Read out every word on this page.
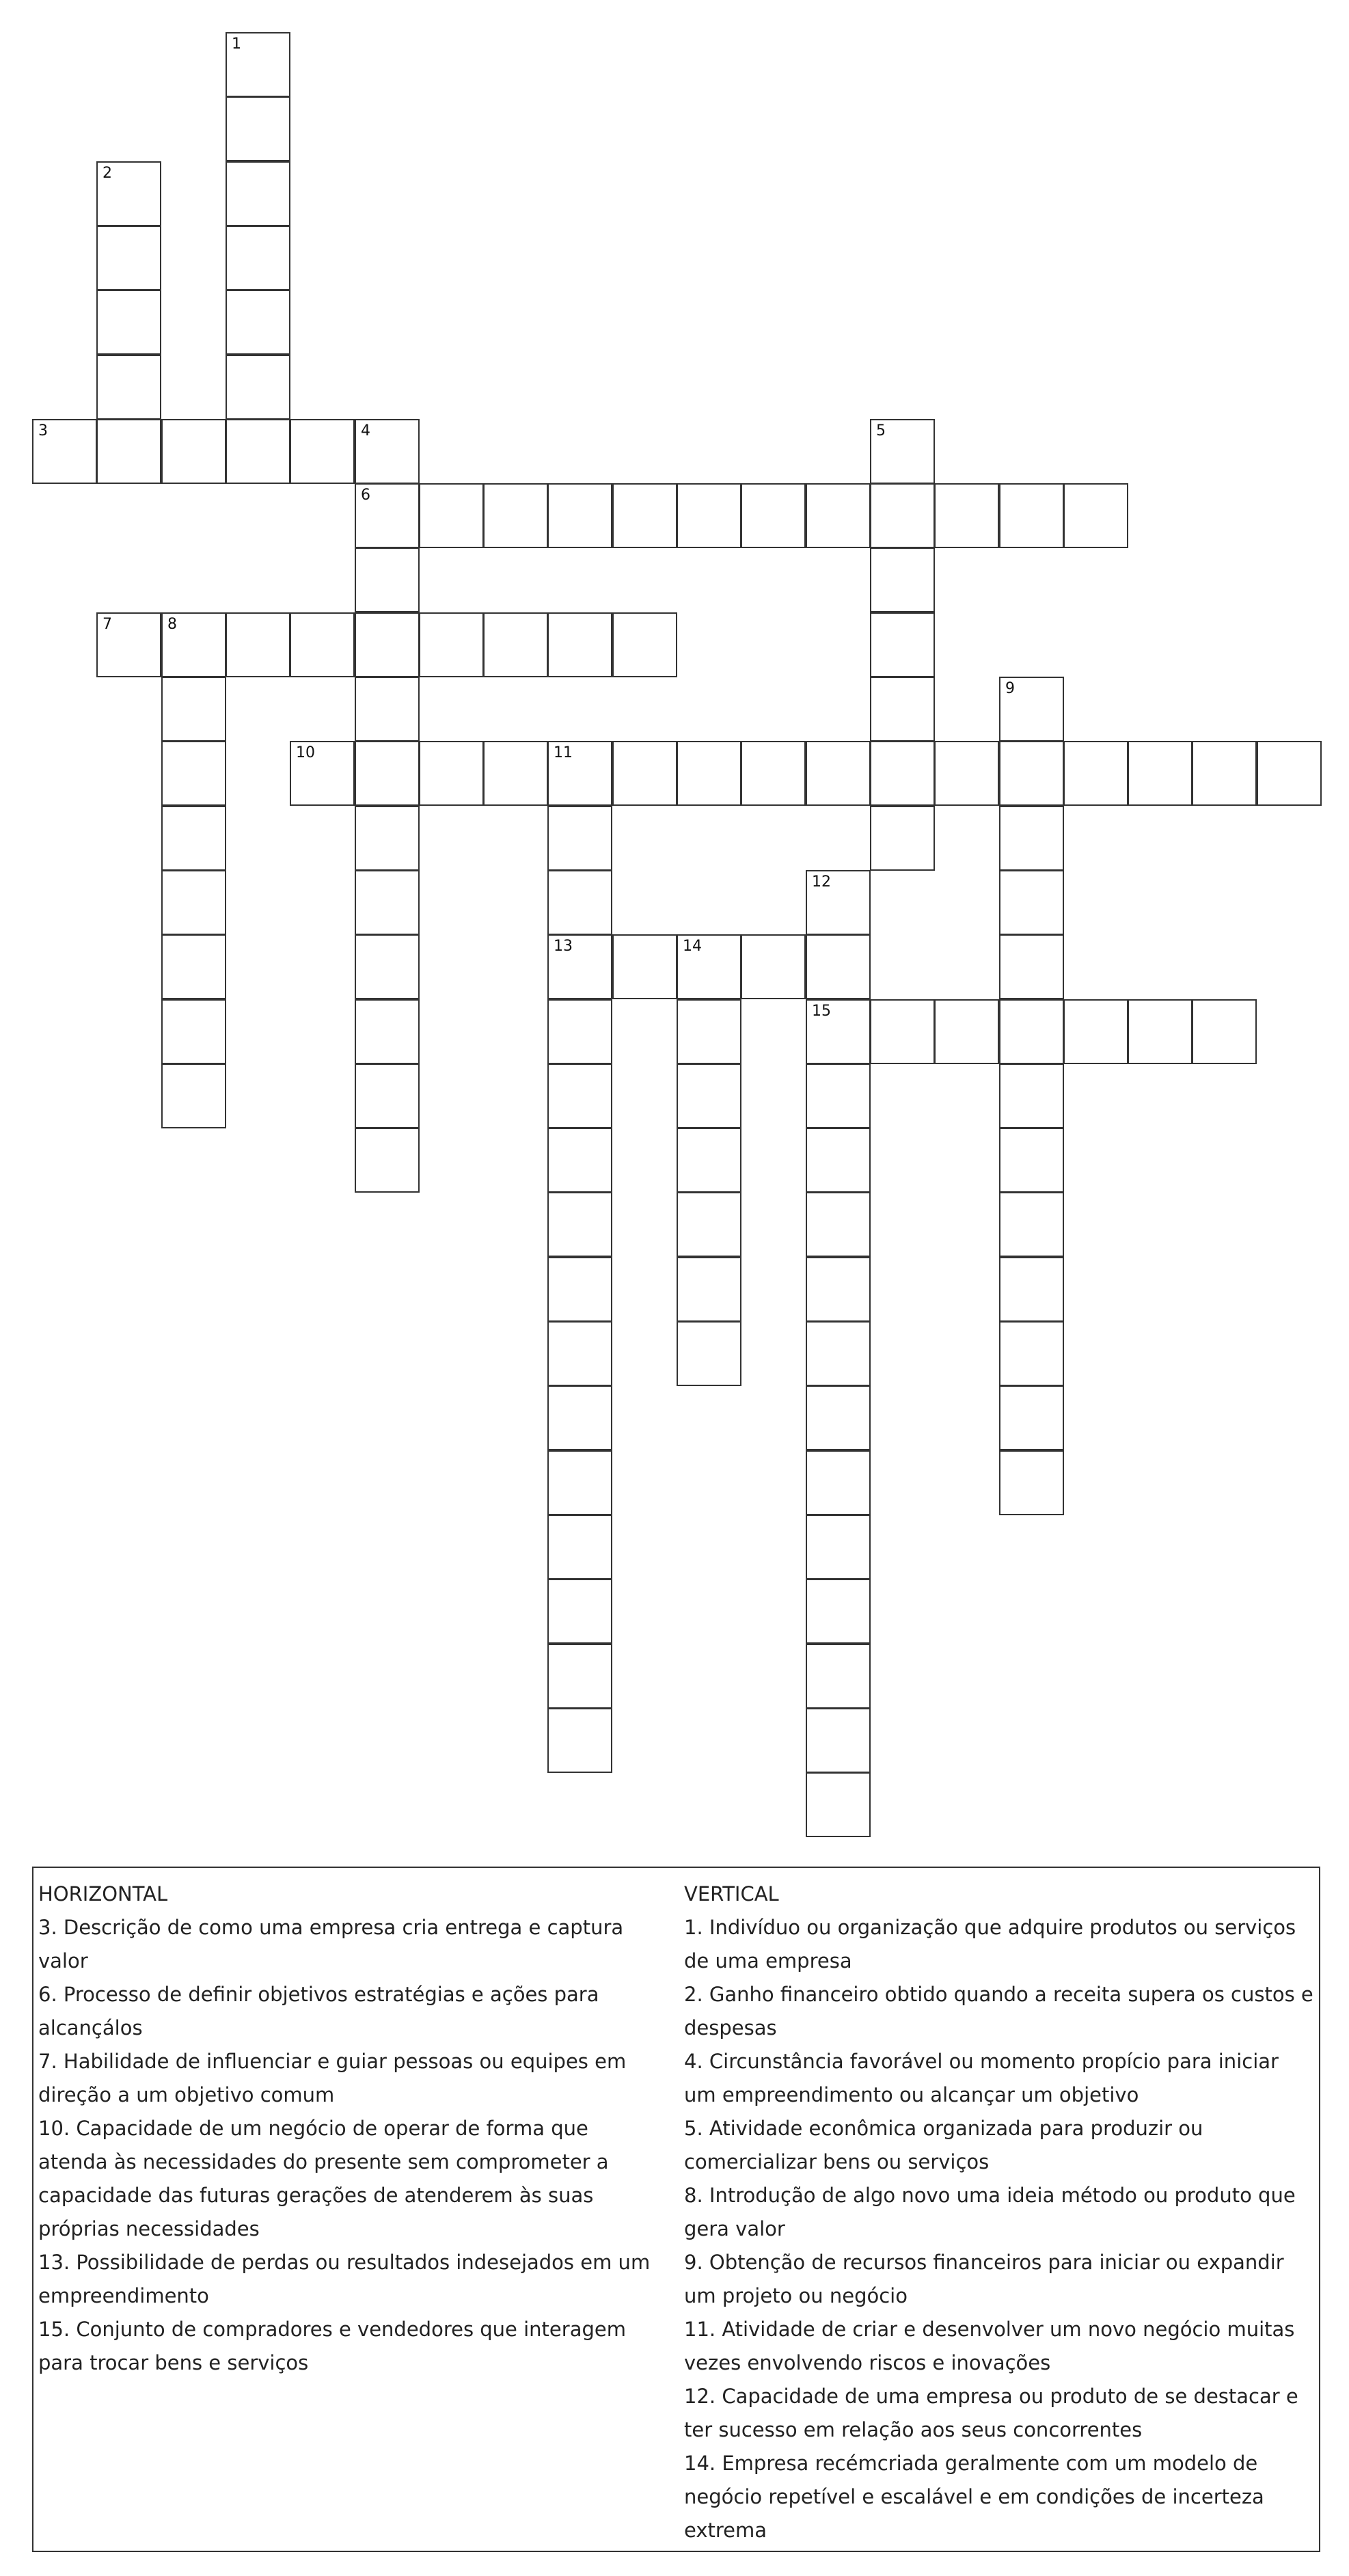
1
2
3	4
6
5
7	8
9
10	11
13
12
15
14
HORIZONTAL
3. Descrição de como uma empresa cria entrega e captura valor
6. Processo de definir objetivos estratégias e ações para alcançálos
7. Habilidade de influenciar e guiar pessoas ou equipes em direção a um objetivo comum
10. Capacidade de um negócio de operar de forma que atenda às necessidades do presente sem comprometer a capacidade das futuras gerações de atenderem às suas próprias necessidades
13. Possibilidade de perdas ou resultados indesejados em um empreendimento
15. Conjunto de compradores e vendedores que interagem para trocar bens e serviços
VERTICAL
1. Indivíduo ou organização que adquire produtos ou serviços de uma empresa
2. Ganho financeiro obtido quando a receita supera os custos e despesas
4. Circunstância favorável ou momento propício para iniciar um empreendimento ou alcançar um objetivo
5. Atividade econômica organizada para produzir ou comercializar bens ou serviços
8. Introdução de algo novo uma ideia método ou produto que gera valor
9. Obtenção de recursos financeiros para iniciar ou expandir um projeto ou negócio
11. Atividade de criar e desenvolver um novo negócio muitas vezes envolvendo riscos e inovações
12. Capacidade de uma empresa ou produto de se destacar e ter sucesso em relação aos seus concorrentes
14. Empresa recémcriada geralmente com um modelo de negócio repetível e escalável e em condições de incerteza extrema
